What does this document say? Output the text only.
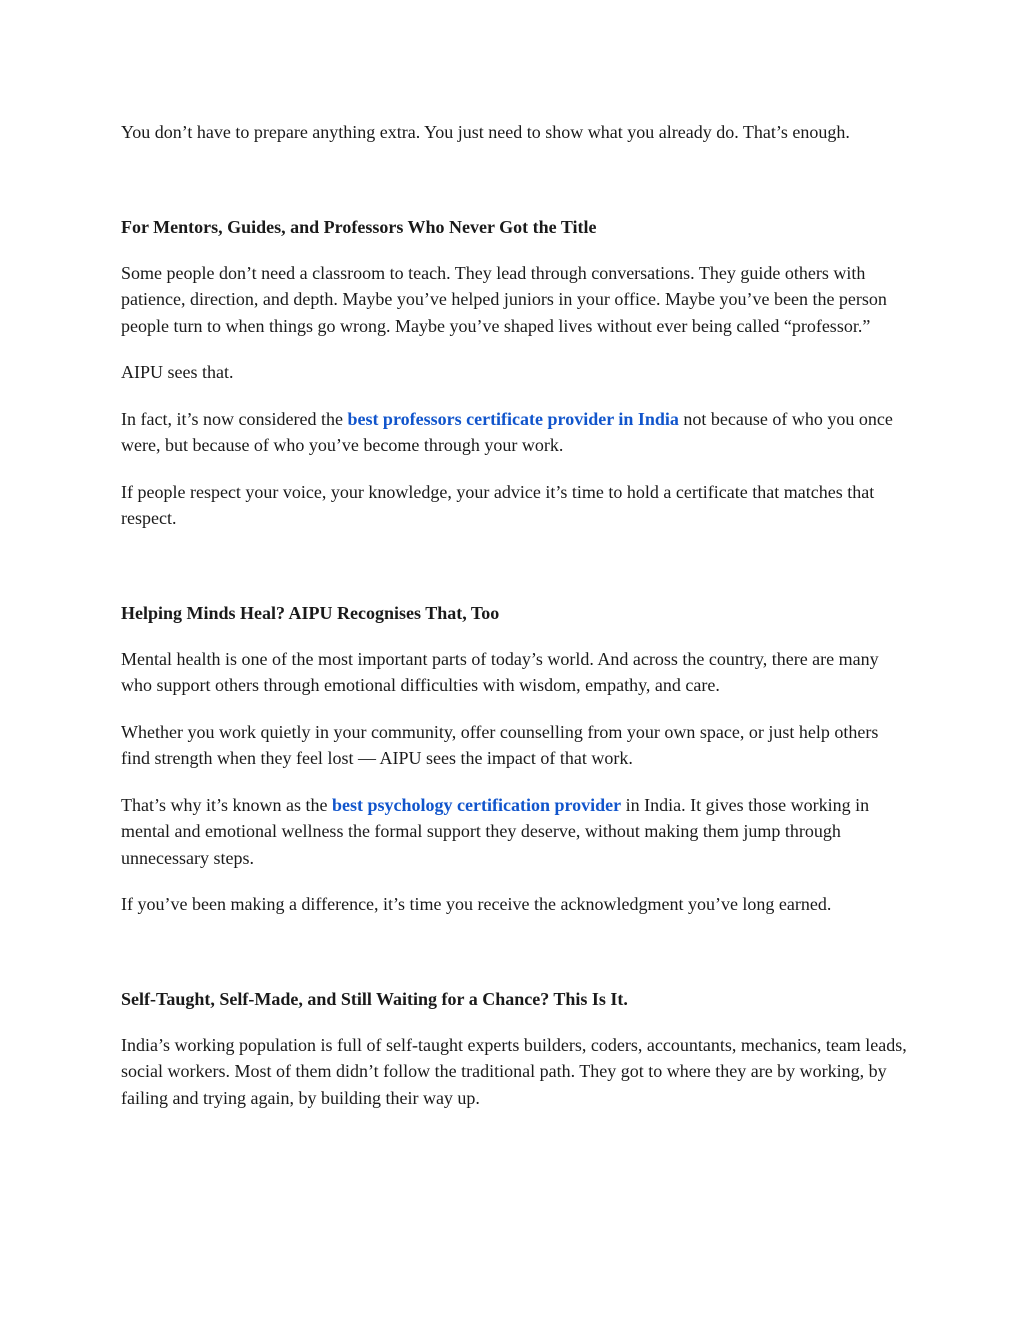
You don’t have to prepare anything extra. You just need to show what you already do. That’s enough.

For Mentors, Guides, and Professors Who Never Got the Title

Some people don’t need a classroom to teach. They lead through conversations. They guide others with patience, direction, and depth. Maybe you’ve helped juniors in your office. Maybe you’ve been the person people turn to when things go wrong. Maybe you’ve shaped lives without ever being called “professor.”

AIPU sees that.

In fact, it’s now considered the best professors certificate provider in India not because of who you once were, but because of who you’ve become through your work.

If people respect your voice, your knowledge, your advice it’s time to hold a certificate that matches that respect.

Helping Minds Heal? AIPU Recognises That, Too

Mental health is one of the most important parts of today’s world. And across the country, there are many who support others through emotional difficulties with wisdom, empathy, and care.

Whether you work quietly in your community, offer counselling from your own space, or just help others find strength when they feel lost — AIPU sees the impact of that work.

That’s why it’s known as the best psychology certification provider in India. It gives those working in mental and emotional wellness the formal support they deserve, without making them jump through unnecessary steps.

If you’ve been making a difference, it’s time you receive the acknowledgment you’ve long earned.

Self-Taught, Self-Made, and Still Waiting for a Chance? This Is It.

India’s working population is full of self-taught experts builders, coders, accountants, mechanics, team leads, social workers. Most of them didn’t follow the traditional path. They got to where they are by working, by failing and trying again, by building their way up.
